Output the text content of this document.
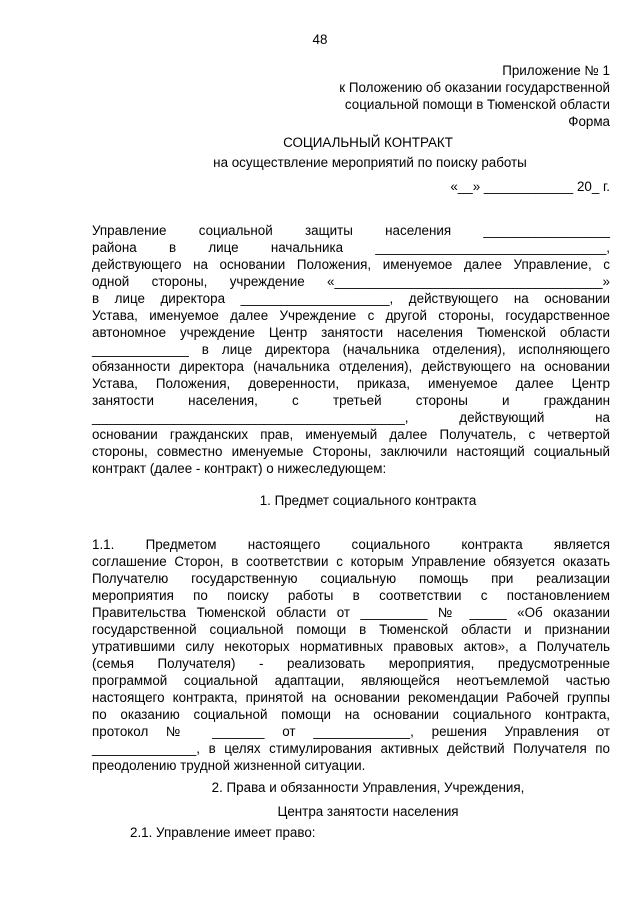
48
Приложение № 1
к Положению об оказании государственной
социальной помощи в Тюменской области
Форма
СОЦИАЛЬНЫЙ КОНТРАКТ
на осуществление мероприятий по поиску работы
«__» ____________ 20_ г.
Управление социальной защиты населения _________________
района в лице начальника _______________________________,
действующего на основании Положения, именуемое далее Управление, с
одной стороны, учреждение «____________________________________»
в лице директора ____________________, действующего на основании
Устава, именуемое далее Учреждение с другой стороны, государственное
автономное учреждение Центр занятости населения Тюменской области
_____________ в лице директора (начальника отделения), исполняющего
обязанности директора (начальника отделения), действующего на основании
Устава, Положения, доверенности, приказа, именуемое далее Центр
занятости населения, с третьей стороны и гражданин
__________________________________________, действующий на
основании гражданских прав, именуемый далее Получатель, с четвертой
стороны, совместно именуемые Стороны, заключили настоящий социальный
контракт (далее - контракт) о нижеследующем:
1. Предмет социального контракта
1.1. Предметом настоящего социального контракта является
соглашение Сторон, в соответствии с которым Управление обязуется оказать
Получателю государственную социальную помощь при реализации
мероприятия по поиску работы в соответствии с постановлением
Правительства Тюменской области от _________ № _____ «Об оказании
государственной социальной помощи в Тюменской области и признании
утратившими силу некоторых нормативных правовых актов», а Получатель
(семья Получателя) - реализовать мероприятия, предусмотренные
программой социальной адаптации, являющейся неотъемлемой частью
настоящего контракта, принятой на основании рекомендации Рабочей группы
по оказанию социальной помощи на основании социального контракта,
протокол № _______ от _____________, решения Управления от
______________, в целях стимулирования активных действий Получателя по
преодолению трудной жизненной ситуации.
2. Права и обязанности Управления, Учреждения,
Центра занятости населения
2.1. Управление имеет право:
